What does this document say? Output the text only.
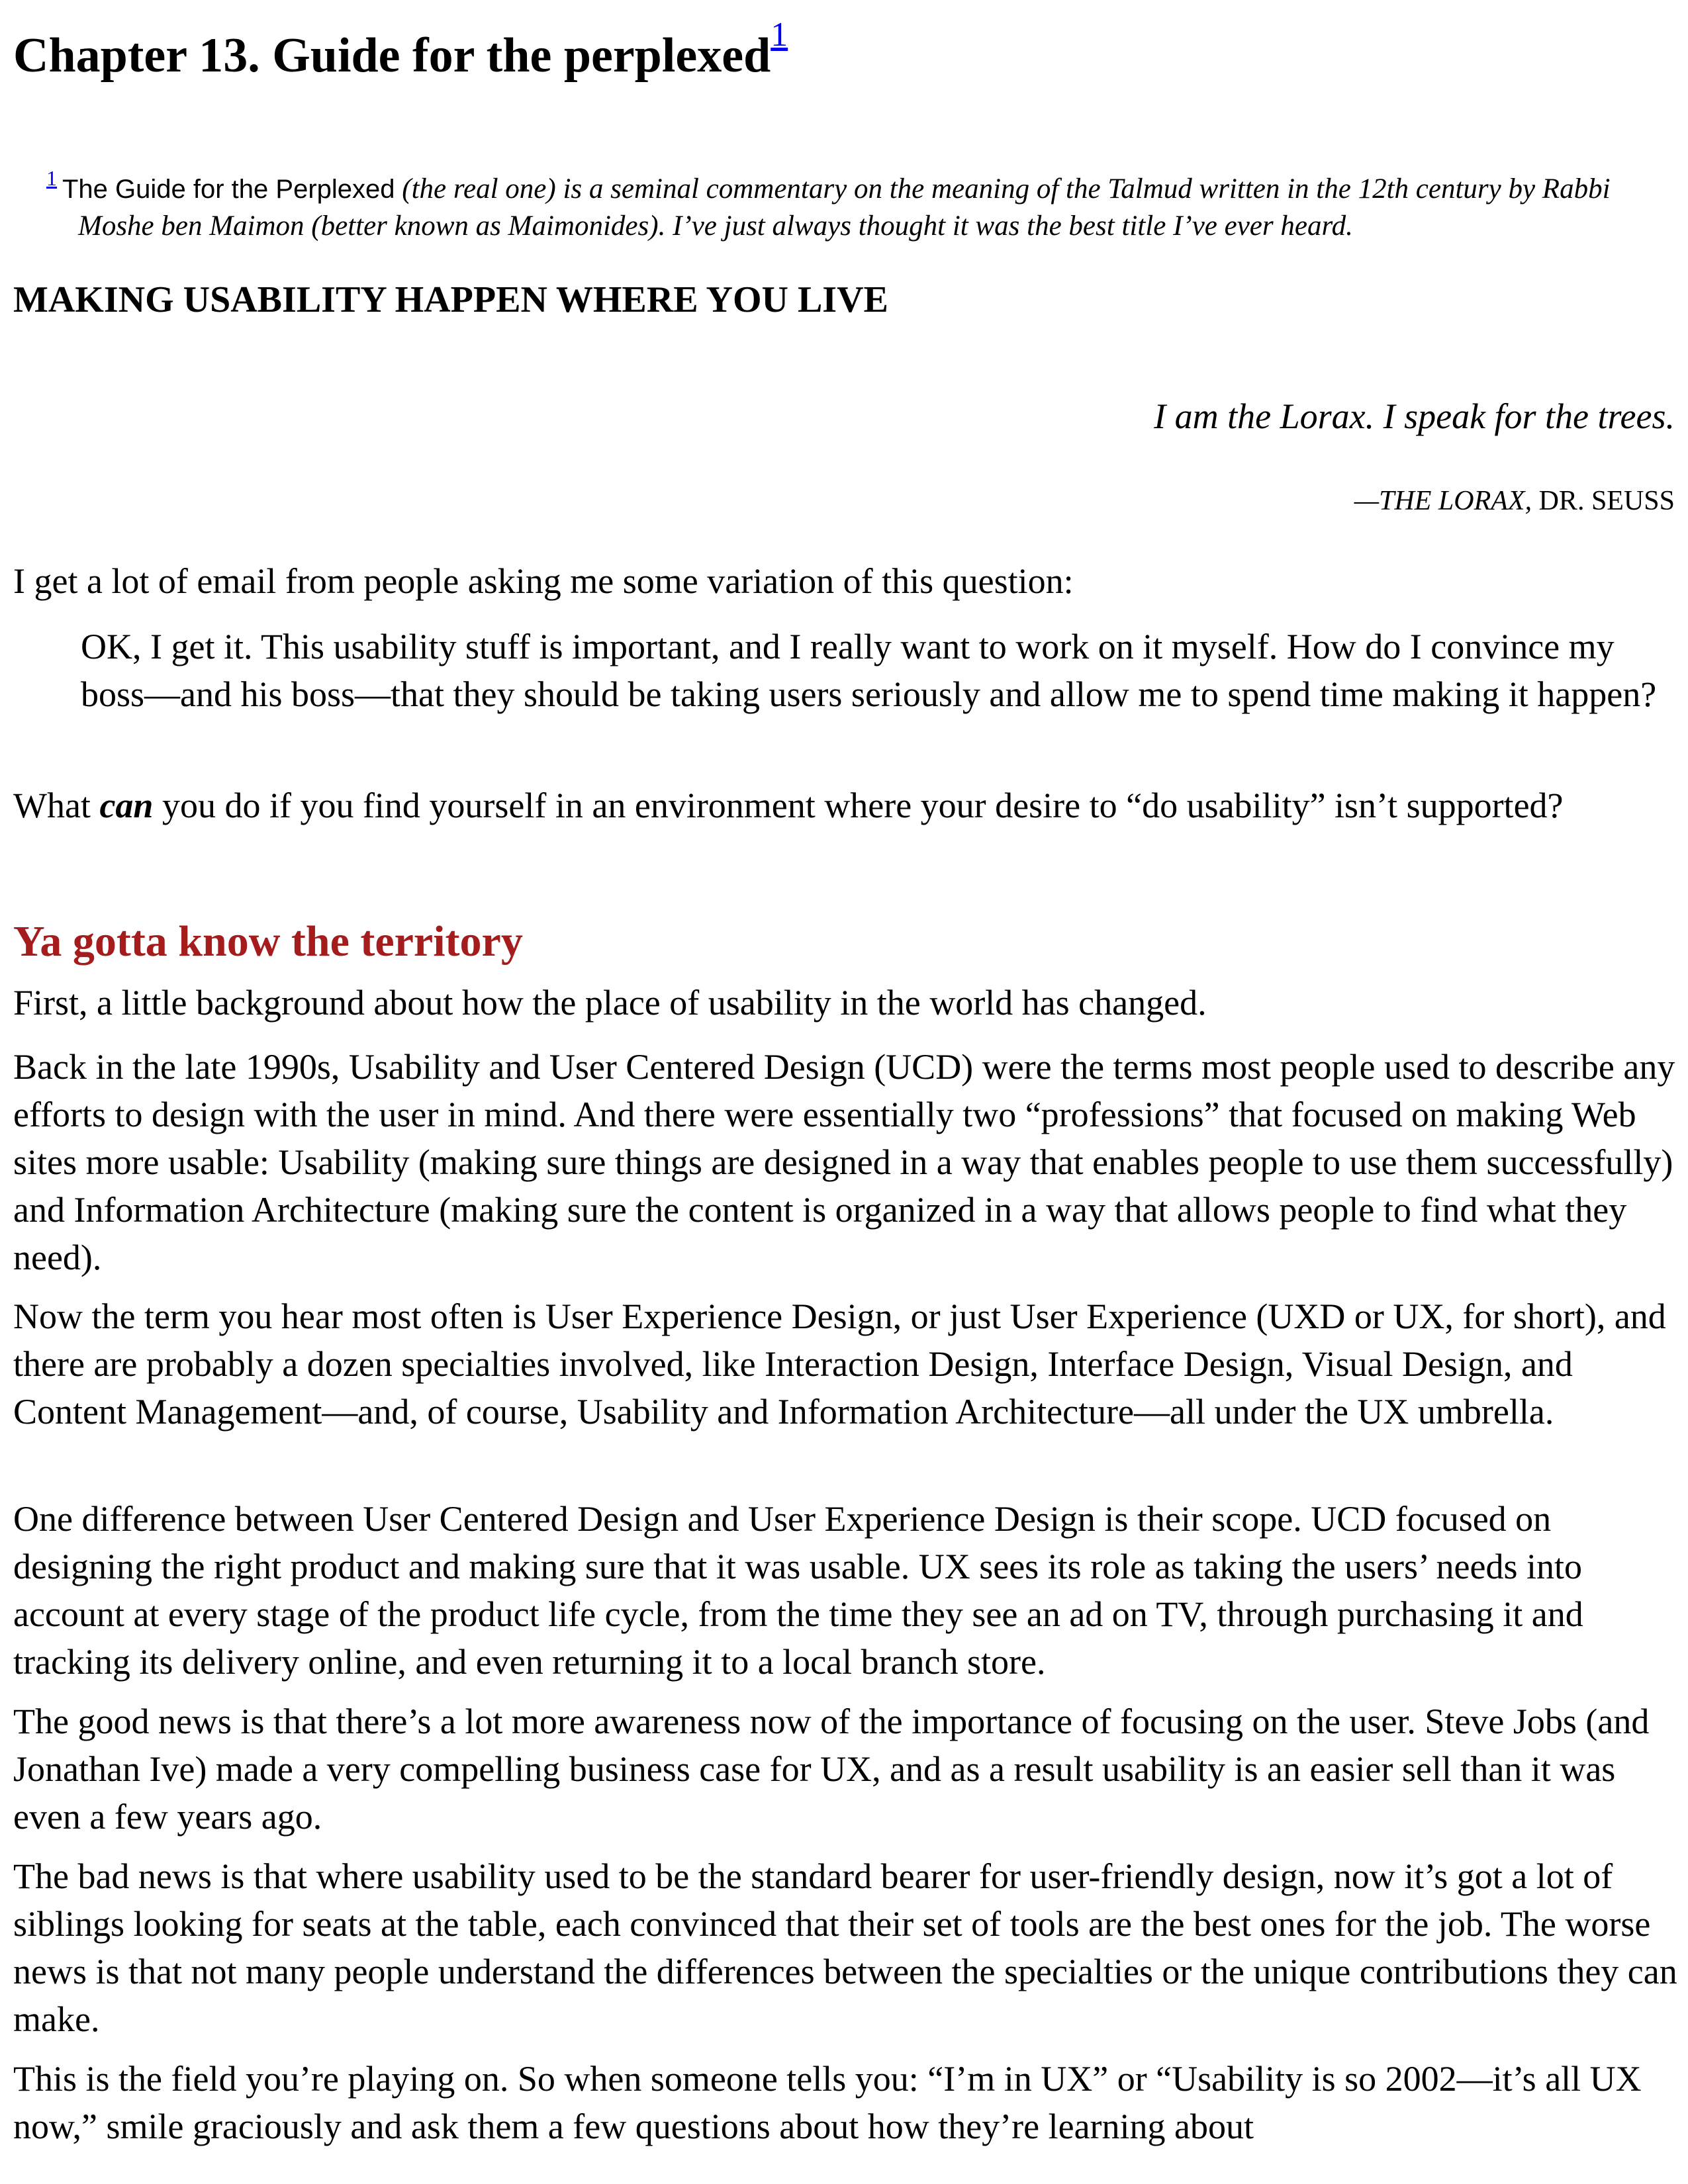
Chapter 13. Guide for the perplexed$^1$

$^1$ The Guide for the Perplexed (the real one) is a seminal commentary on the meaning of the Talmud written in the 12th century by Rabbi Moshe ben Maimon (better known as Maimonides). I’ve just always thought it was the best title I’ve ever heard.

MAKING USABILITY HAPPEN WHERE YOU LIVE

I am the Lorax. I speak for the trees.

—THE LORAX, DR. SEUSS

I get a lot of email from people asking me some variation of this question:

OK, I get it. This usability stuff is important, and I really want to work on it myself. How do I convince my boss—and his boss—that they should be taking users seriously and allow me to spend time making it happen?

What can you do if you find yourself in an environment where your desire to “do usability” isn’t supported?

Ya gotta know the territory

First, a little background about how the place of usability in the world has changed.

Back in the late 1990s, Usability and User Centered Design (UCD) were the terms most people used to describe any efforts to design with the user in mind. And there were essentially two “professions” that focused on making Web sites more usable: Usability (making sure things are designed in a way that enables people to use them successfully) and Information Architecture (making sure the content is organized in a way that allows people to find what they need).

Now the term you hear most often is User Experience Design, or just User Experience (UXD or UX, for short), and there are probably a dozen specialties involved, like Interaction Design, Interface Design, Visual Design, and Content Management—and, of course, Usability and Information Architecture—all under the UX umbrella.

One difference between User Centered Design and User Experience Design is their scope. UCD focused on designing the right product and making sure that it was usable. UX sees its role as taking the users’ needs into account at every stage of the product life cycle, from the time they see an ad on TV, through purchasing it and tracking its delivery online, and even returning it to a local branch store.

The good news is that there’s a lot more awareness now of the importance of focusing on the user. Steve Jobs (and Jonathan Ive) made a very compelling business case for UX, and as a result usability is an easier sell than it was even a few years ago.

The bad news is that where usability used to be the standard bearer for user-friendly design, now it’s got a lot of siblings looking for seats at the table, each convinced that their set of tools are the best ones for the job. The worse news is that not many people understand the differences between the specialties or the unique contributions they can make.

This is the field you’re playing on. So when someone tells you: “I’m in UX” or “Usability is so 2002—it’s all UX now,” smile graciously and ask them a few questions about how they’re learning about
